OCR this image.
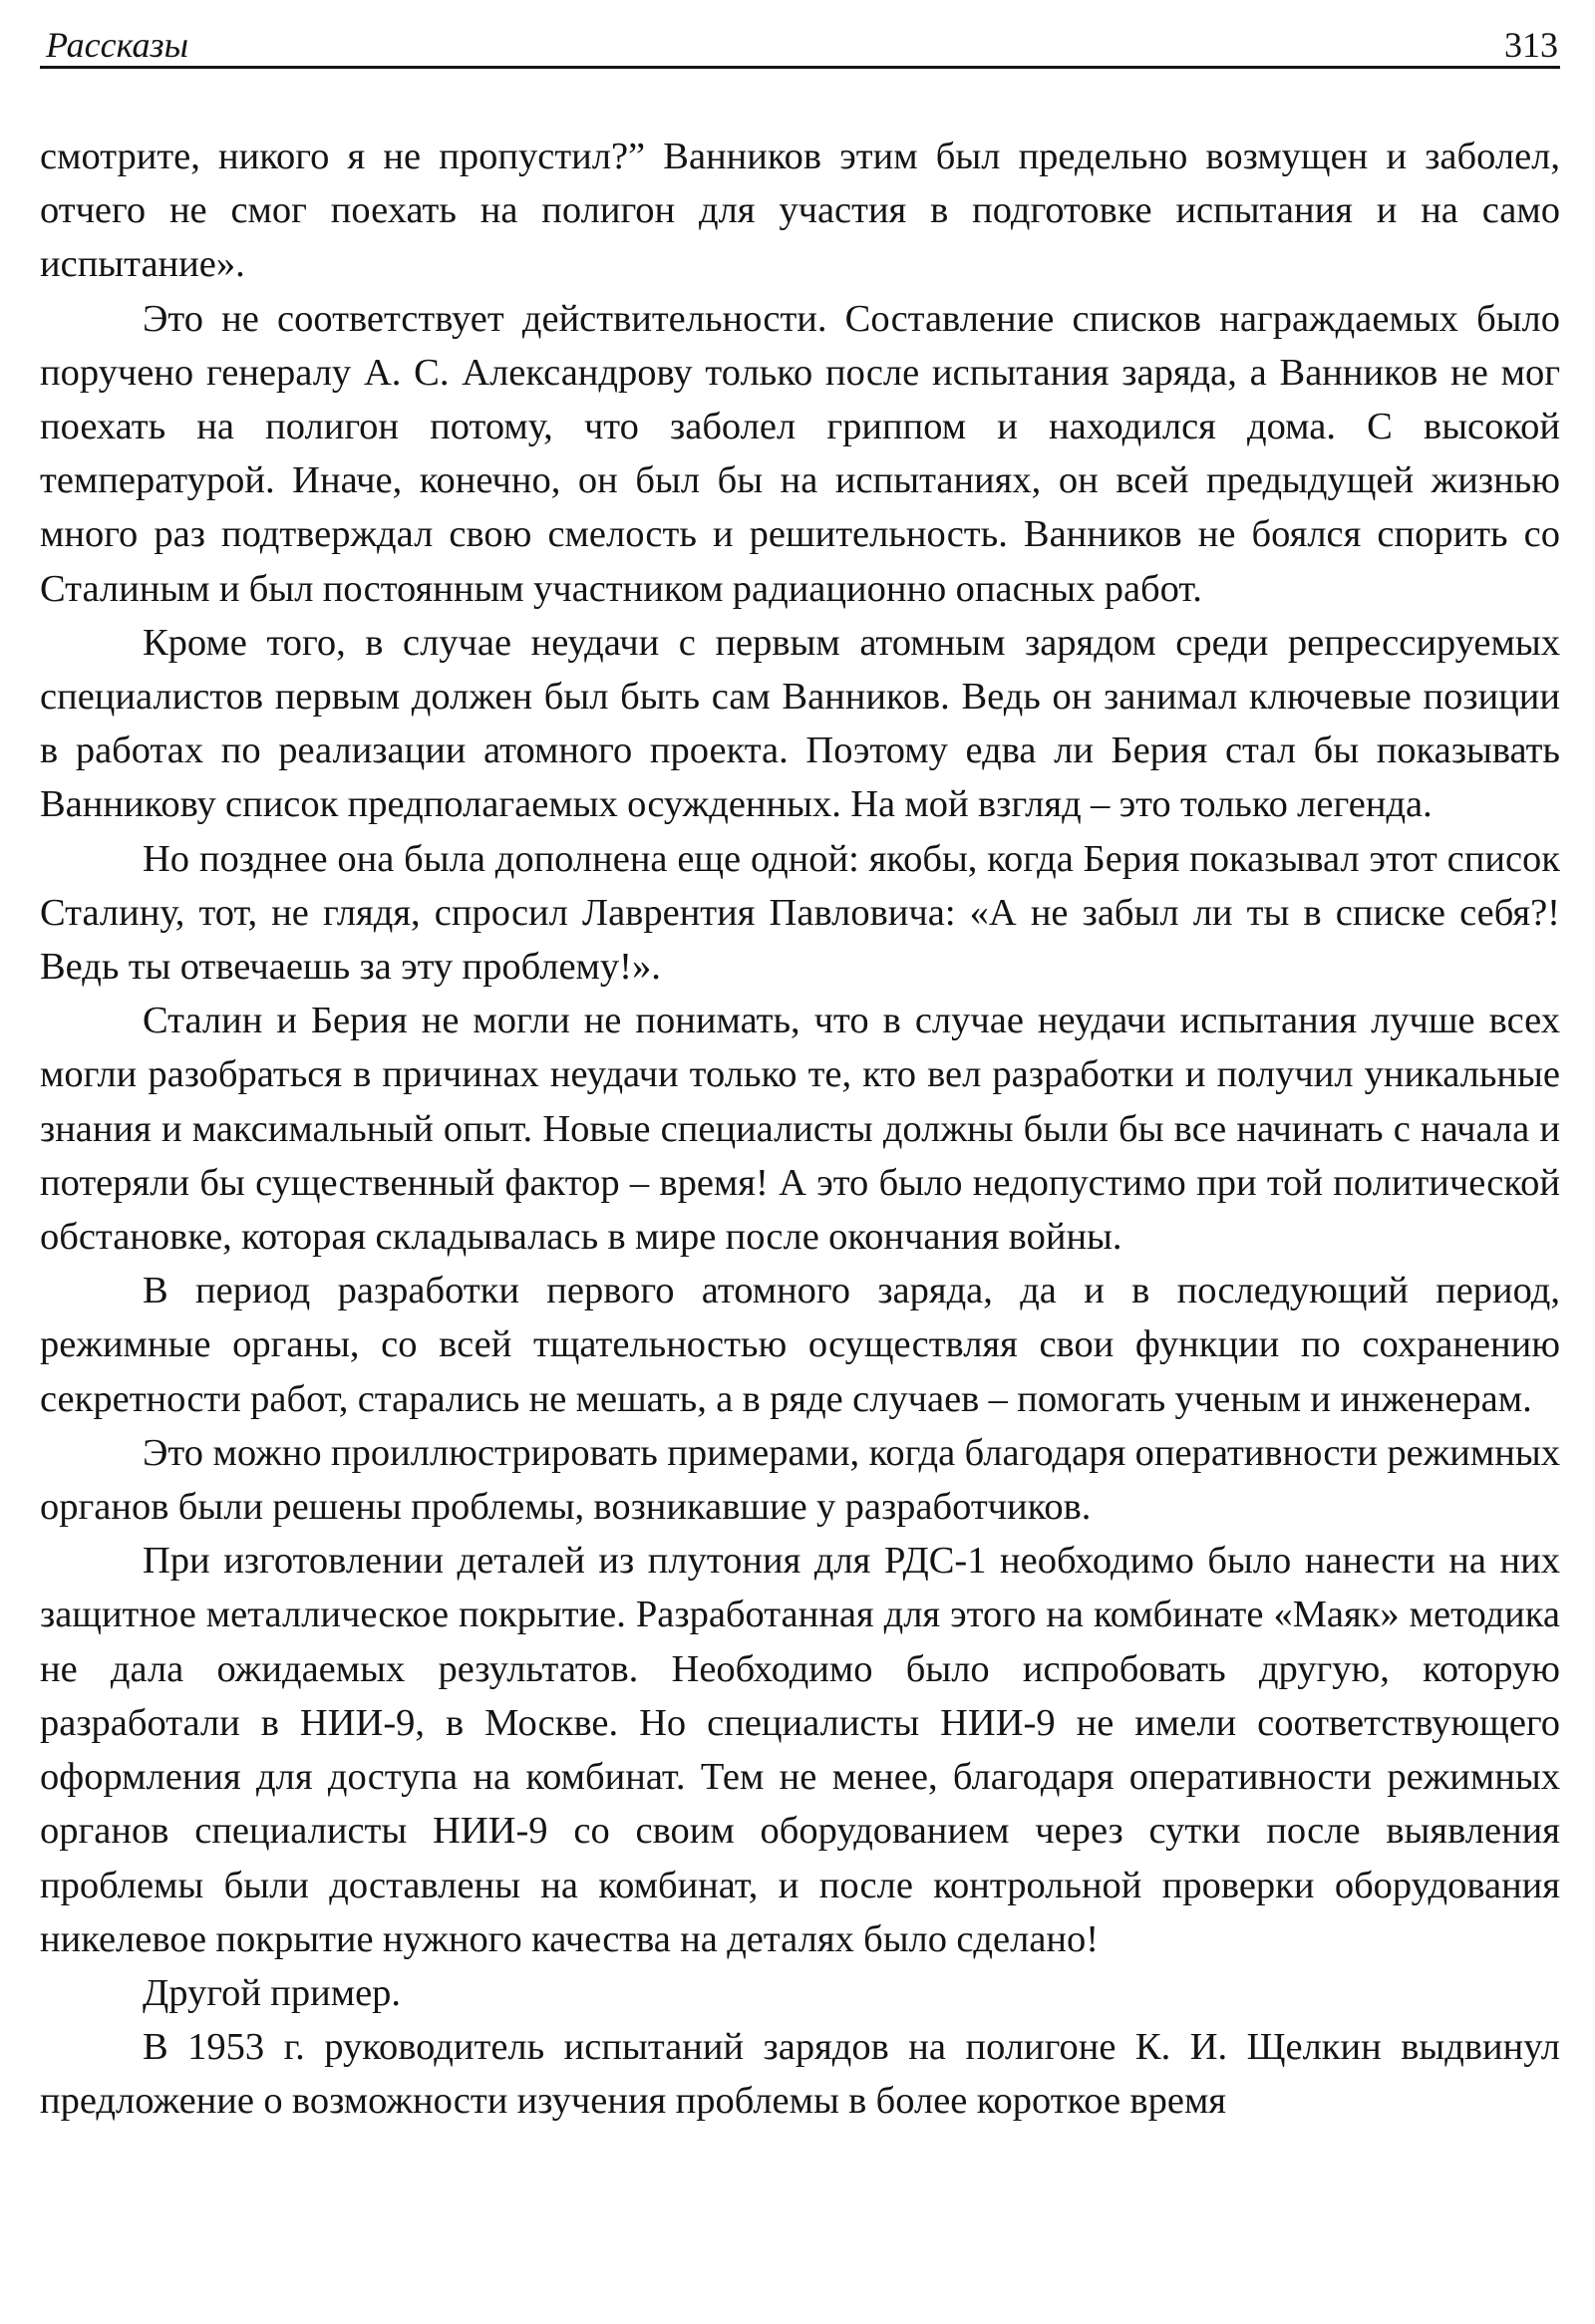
Рассказы	313

смотрите, никого я не пропустил?” Ванников этим был предельно возмущен и заболел, отчего не смог поехать на полигон для участия в подготовке испытания и на само испытание».

Это не соответствует действительности. Составление списков награждаемых было поручено генералу А. С. Александрову только после испытания заряда, а Ванников не мог поехать на полигон потому, что заболел гриппом и находился дома. С высокой температурой. Иначе, конечно, он был бы на испытаниях, он всей предыдущей жизнью много раз подтверждал свою смелость и решительность. Ванников не боялся спорить со Сталиным и был постоянным участником радиационно опасных работ.

Кроме того, в случае неудачи с первым атомным зарядом среди репрессируемых специалистов первым должен был быть сам Ванников. Ведь он занимал ключевые позиции в работах по реализации атомного проекта. Поэтому едва ли Берия стал бы показывать Ванникову список предполагаемых осужденных. На мой взгляд – это только легенда.

Но позднее она была дополнена еще одной: якобы, когда Берия показывал этот список Сталину, тот, не глядя, спросил Лаврентия Павловича: «А не забыл ли ты в списке себя?! Ведь ты отвечаешь за эту проблему!».

Сталин и Берия не могли не понимать, что в случае неудачи испытания лучше всех могли разобраться в причинах неудачи только те, кто вел разработки и получил уникальные знания и максимальный опыт. Новые специалисты должны были бы все начинать с начала и потеряли бы существенный фактор – время! А это было недопустимо при той политической обстановке, которая складывалась в мире после окончания войны.

В период разработки первого атомного заряда, да и в последующий период, режимные органы, со всей тщательностью осуществляя свои функции по сохранению секретности работ, старались не мешать, а в ряде случаев – помогать ученым и инженерам.

Это можно проиллюстрировать примерами, когда благодаря оперативности режимных органов были решены проблемы, возникавшие у разработчиков.

При изготовлении деталей из плутония для РДС-1 необходимо было нанести на них защитное металлическое покрытие. Разработанная для этого на комбинате «Маяк» методика не дала ожидаемых результатов. Необходимо было испробовать другую, которую разработали в НИИ-9, в Москве. Но специалисты НИИ-9 не имели соответствующего оформления для доступа на комбинат. Тем не менее, благодаря оперативности режимных органов специалисты НИИ-9 со своим оборудованием через сутки после выявления проблемы были доставлены на комбинат, и после контрольной проверки оборудования никелевое покрытие нужного качества на деталях было сделано!

Другой пример.

В 1953 г. руководитель испытаний зарядов на полигоне К. И. Щелкин выдвинул предложение о возможности изучения проблемы в более короткое время
